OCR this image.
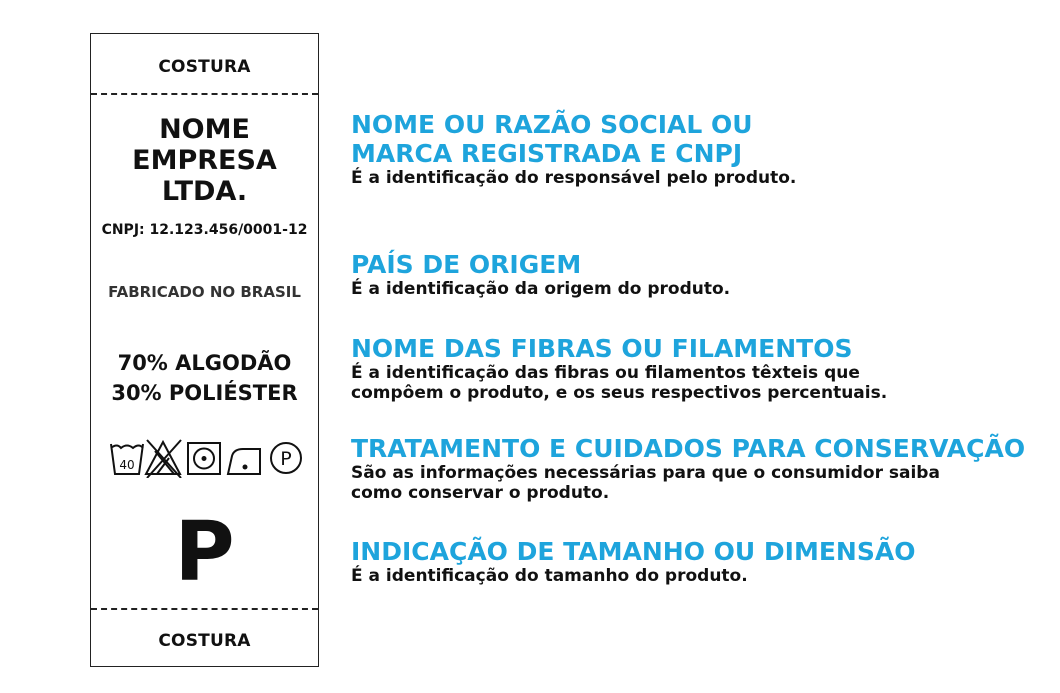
COSTURA
NOME
EMPRESA
LTDA.
CNPJ: 12.123.456/0001-12
FABRICADO NO BRASIL
70% ALGODÃO
30% POLIÉSTER
40	P
P
COSTURA

NOME OU RAZÃO SOCIAL OU
MARCA REGISTRADA E CNPJ

É a identificação do responsável pelo produto.

PAÍS DE ORIGEM

É a identificação da origem do produto.

NOME DAS FIBRAS OU FILAMENTOS

É a identificação das fibras ou filamentos têxteis que
compôem o produto, e os seus respectivos percentuais.

TRATAMENTO E CUIDADOS PARA CONSERVAÇÃO

São as informações necessárias para que o consumidor saiba
como conservar o produto.

INDICAÇÃO DE TAMANHO OU DIMENSÃO

É a identificação do tamanho do produto.
